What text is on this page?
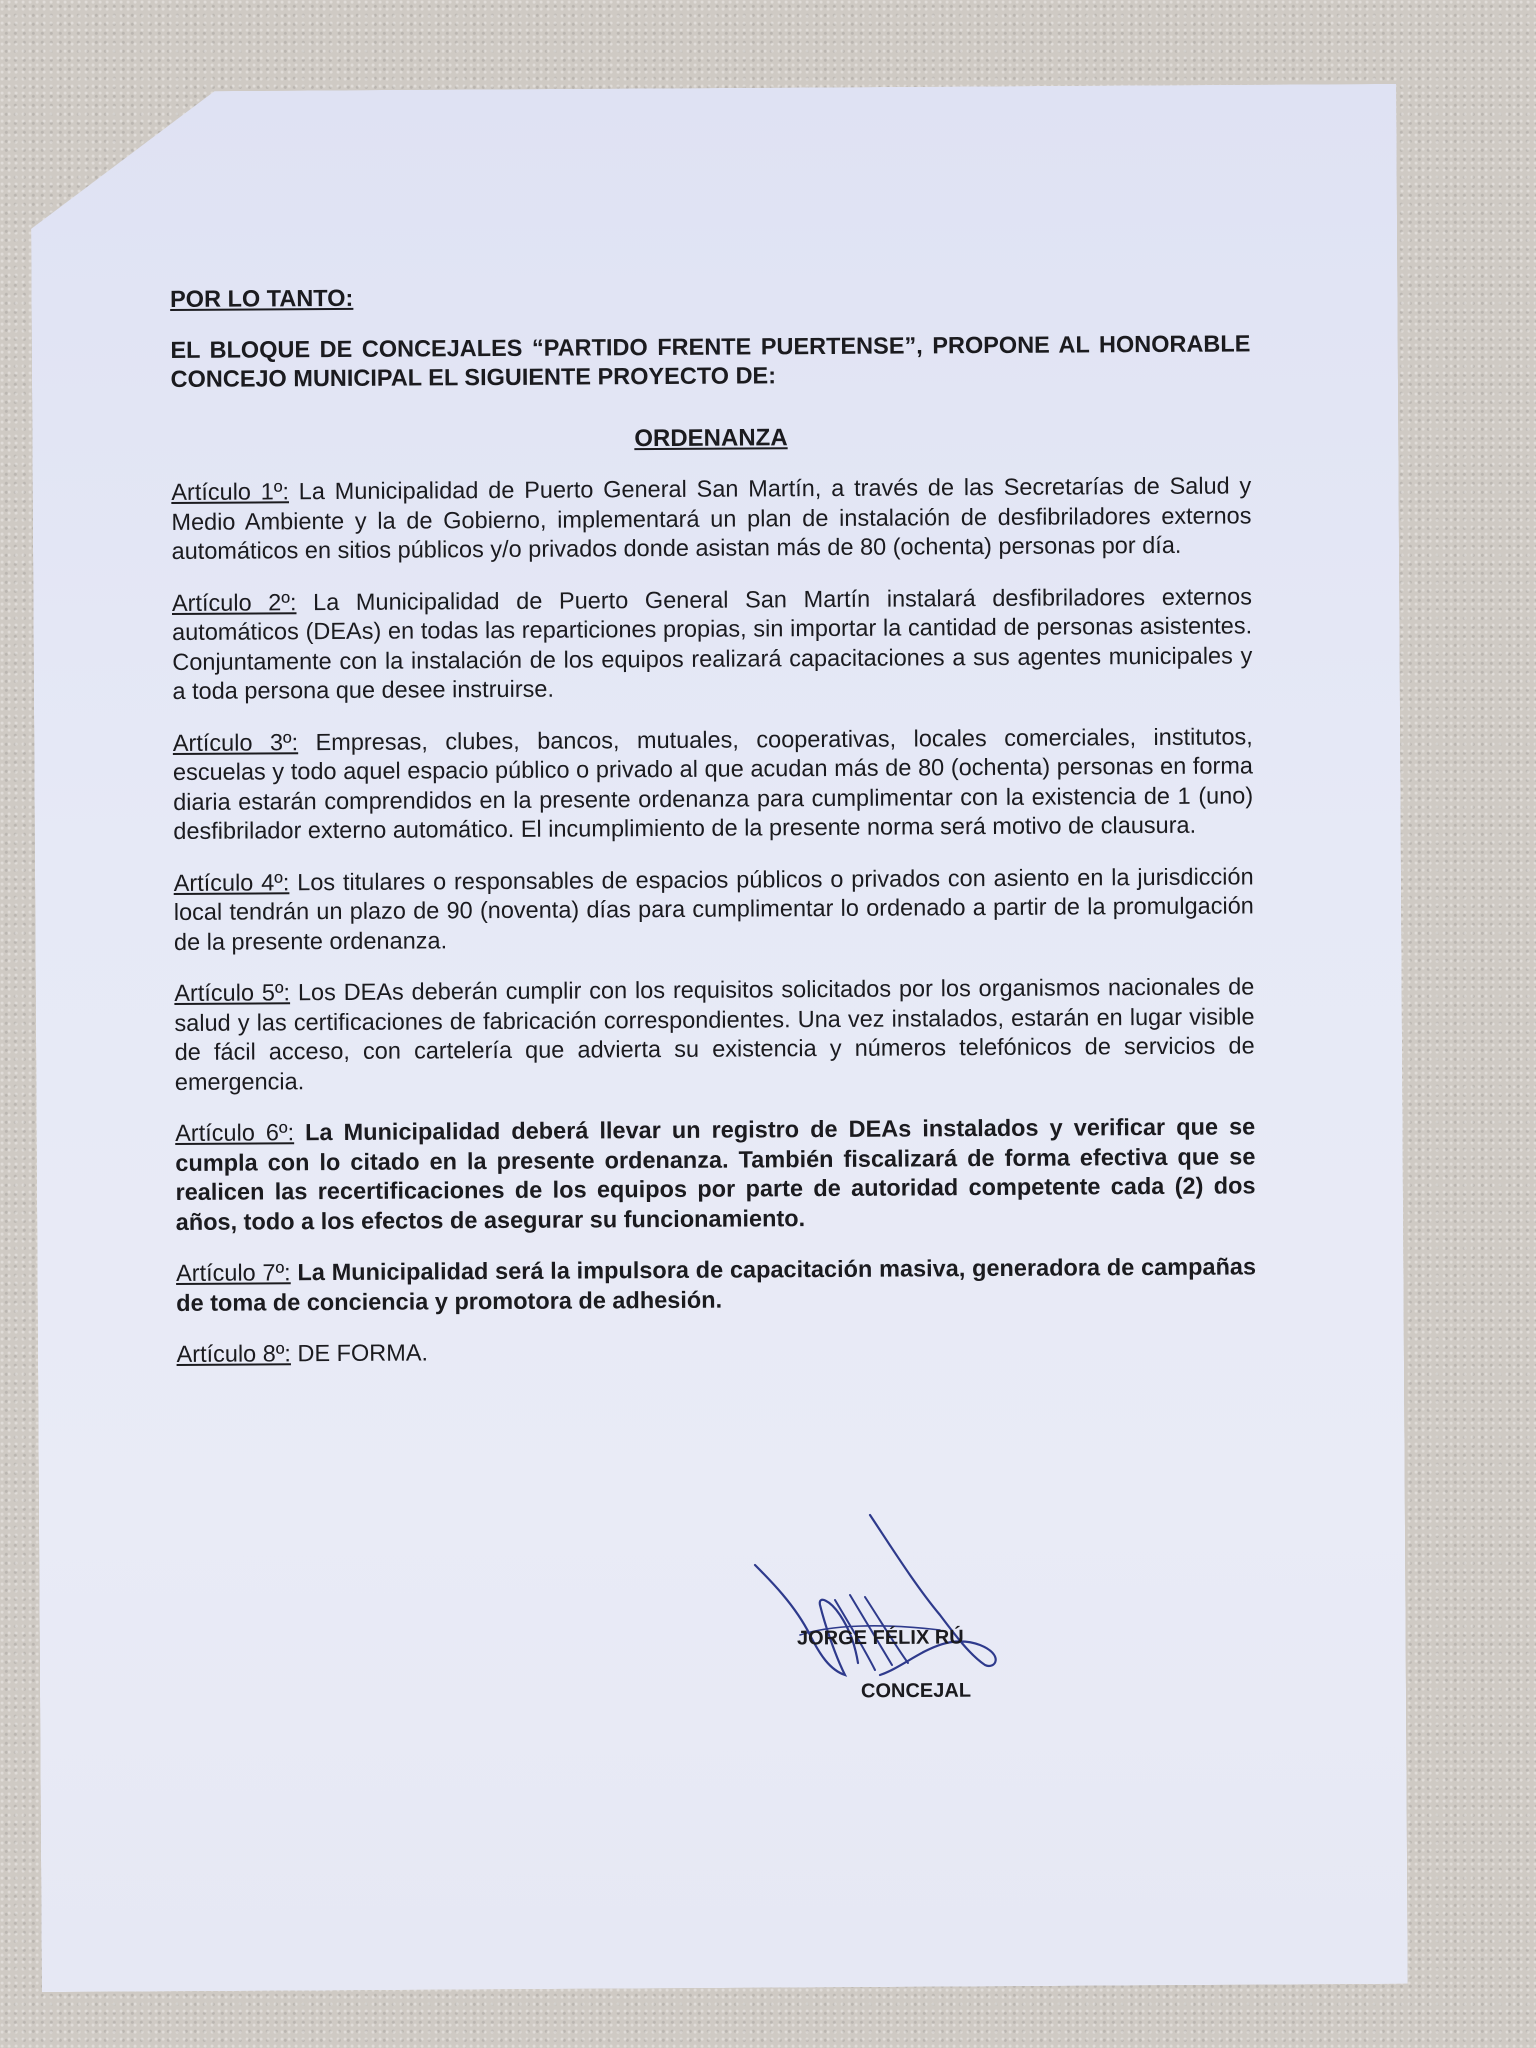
POR LO TANTO:

EL BLOQUE DE CONCEJALES “PARTIDO FRENTE PUERTENSE”, PROPONE AL HONORABLE CONCEJO MUNICIPAL EL SIGUIENTE PROYECTO DE:

ORDENANZA

Artículo 1º: La Municipalidad de Puerto General San Martín, a través de las Secretarías de Salud y Medio Ambiente y la de Gobierno, implementará un plan de instalación de desfibriladores externos automáticos en sitios públicos y/o privados donde asistan más de 80 (ochenta) personas por día.

Artículo 2º: La Municipalidad de Puerto General San Martín instalará desfibriladores externos automáticos (DEAs) en todas las reparticiones propias, sin importar la cantidad de personas asistentes. Conjuntamente con la instalación de los equipos realizará capacitaciones a sus agentes municipales y a toda persona que desee instruirse.

Artículo 3º: Empresas, clubes, bancos, mutuales, cooperativas, locales comerciales, institutos, escuelas y todo aquel espacio público o privado al que acudan más de 80 (ochenta) personas en forma diaria estarán comprendidos en la presente ordenanza para cumplimentar con la existencia de 1 (uno) desfibrilador externo automático. El incumplimiento de la presente norma será motivo de clausura.

Artículo 4º: Los titulares o responsables de espacios públicos o privados con asiento en la jurisdicción local tendrán un plazo de 90 (noventa) días para cumplimentar lo ordenado a partir de la promulgación de la presente ordenanza.

Artículo 5º: Los DEAs deberán cumplir con los requisitos solicitados por los organismos nacionales de salud y las certificaciones de fabricación correspondientes. Una vez instalados, estarán en lugar visible de fácil acceso, con cartelería que advierta su existencia y números telefónicos de servicios de emergencia.

Artículo 6º: La Municipalidad deberá llevar un registro de DEAs instalados y verificar que se cumpla con lo citado en la presente ordenanza. También fiscalizará de forma efectiva que se realicen las recertificaciones de los equipos por parte de autoridad competente cada (2) dos años, todo a los efectos de asegurar su funcionamiento.

Artículo 7º: La Municipalidad será la impulsora de capacitación masiva, generadora de campañas de toma de conciencia y promotora de adhesión.

Artículo 8º: DE FORMA.

JORGE FÉLIX RÚ
CONCEJAL
